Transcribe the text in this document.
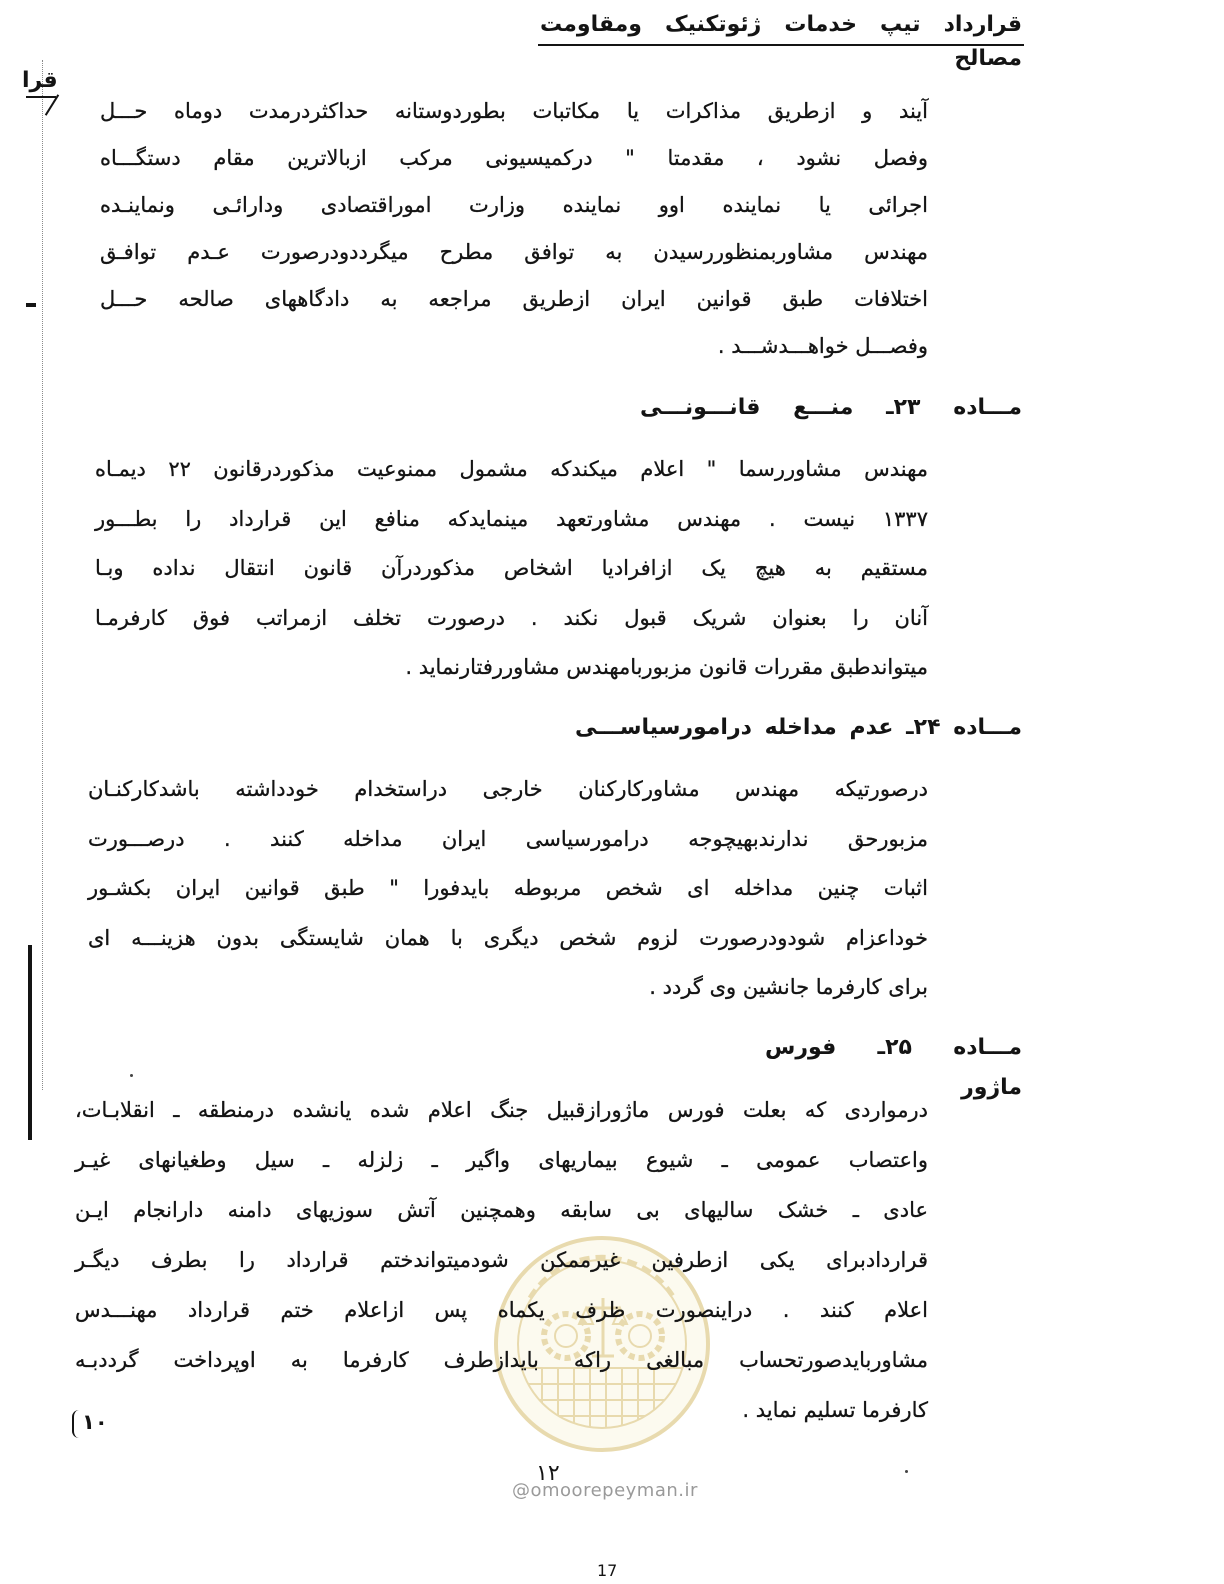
قرارداد تیپ خدمات ژئوتکنیک ومقاومت مصالح
قرا
آیند و ازطریق مذاکرات یا مکاتبات بطوردوستانه حداکثردرمدت دوماه حـــل
وفصل نشود ، مقدمتا " درکمیسیونی مرکب ازبالاترین مقام دستگـــاه
اجرائی یا نماینده اوو نماینده وزارت اموراقتصادی ودارائـی ونماینـده
مهندس مشاوربمنظوررسیدن به توافق مطرح میگرددودرصورت عـدم توافـق
اختلافات طبق قوانین ایران ازطریق مراجعه به دادگاههای صالحه حـــل
وفصـــل خواهـــدشـــد .
مـــاده ۲۳ـ منـــع قانـــونـــی
مهندس مشاوررسما " اعلام میکندکه مشمول ممنوعیت مذکوردرقانون ۲۲ دیمـاه
۱۳۳۷ نیست . مهندس مشاورتعهد مینمایدکه منافع این قرارداد را بطـــور
مستقیم به هیچ یک ازافرادیا اشخاص مذکوردرآن قانون انتقال نداده وبـا
آنان را بعنوان شریک قبول نکند . درصورت تخلف ازمراتب فوق کارفرمـا
میتواندطبق مقررات قانون مزبوربامهندس مشاوررفتارنماید .
مـــاده ۲۴ـ عدم مداخله درامورسیاســـی
درصورتیکه مهندس مشاورکارکنان خارجی دراستخدام خودداشته باشدکارکنـان
مزبورحق ندارندبهیچوجه درامورسیاسی ایران مداخله کنند . درصـــورت
اثبات چنین مداخله ای شخص مربوطه بایدفورا " طبق قوانین ایران بکشـور
خوداعزام شودودرصورت لزوم شخص دیگری با همان شایستگی بدون هزینـــه ای
برای کارفرما جانشین وی گردد .
مـــاده ۲۵ـ فورس ماژور
درمواردی که بعلت فورس ماژورازقبیل جنگ اعلام شده یانشده درمنطقه ـ انقلابـات،
واعتصاب عمومی ـ شیوع بیماریهای واگیر ـ زلزله ـ سیل وطغیانهای غیـر
عادی ـ خشک سالیهای بی سابقه وهمچنین آتش سوزیهای دامنه دارانجام ایـن
قراردادبرای یکی ازطرفین غیرممکن شودمیتواندختم قرارداد را بطرف دیگـر
اعلام کنند . دراینصورت ظرف یکماه پس ازاعلام ختم قرارداد مهنـــدس
مشاوربایدصورتحساب مبالغی راکه بایدازطرف کارفرما به اوپرداخت گرددبـه
کارفرما تسلیم نماید .
۱۰
۱۲
@omoorepeyman.ir
17
